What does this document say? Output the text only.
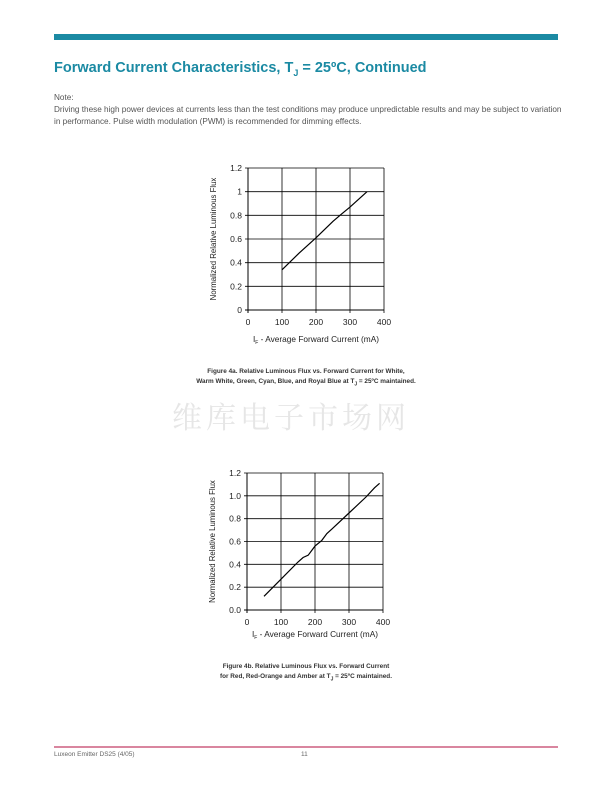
Forward Current Characteristics, $T_J$ = 25ºC, Continued
Note:
Driving these high power devices at currents less than the test conditions may produce unpredictable results and may be subject to variation in performance. Pulse width modulation (PWM) is recommended for dimming effects.
0
0.2
0.4
0.6
0.8
1
1.2
0	100 200 300 400
Normalized Relative Luminous Flux
$I_F$ - Average Forward Current (mA)
0.0
0.2
0.4
0.6
0.8
1.0
1.2
0	100 200 300 400
Normalized Relative Luminous Flux
$I_F$ - Average Forward Current (mA)
Figure 4a. Relative Luminous Flux vs. Forward Current for White,
Warm White, Green, Cyan, Blue, and Royal Blue at $T_J$ = 25ºC maintained.
维库电子市场网
Figure 4b. Relative Luminous Flux vs. Forward Current
for Red, Red-Orange and Amber at $T_J$ = 25ºC maintained.
Luxeon Emitter DS25 (4/05)	11
